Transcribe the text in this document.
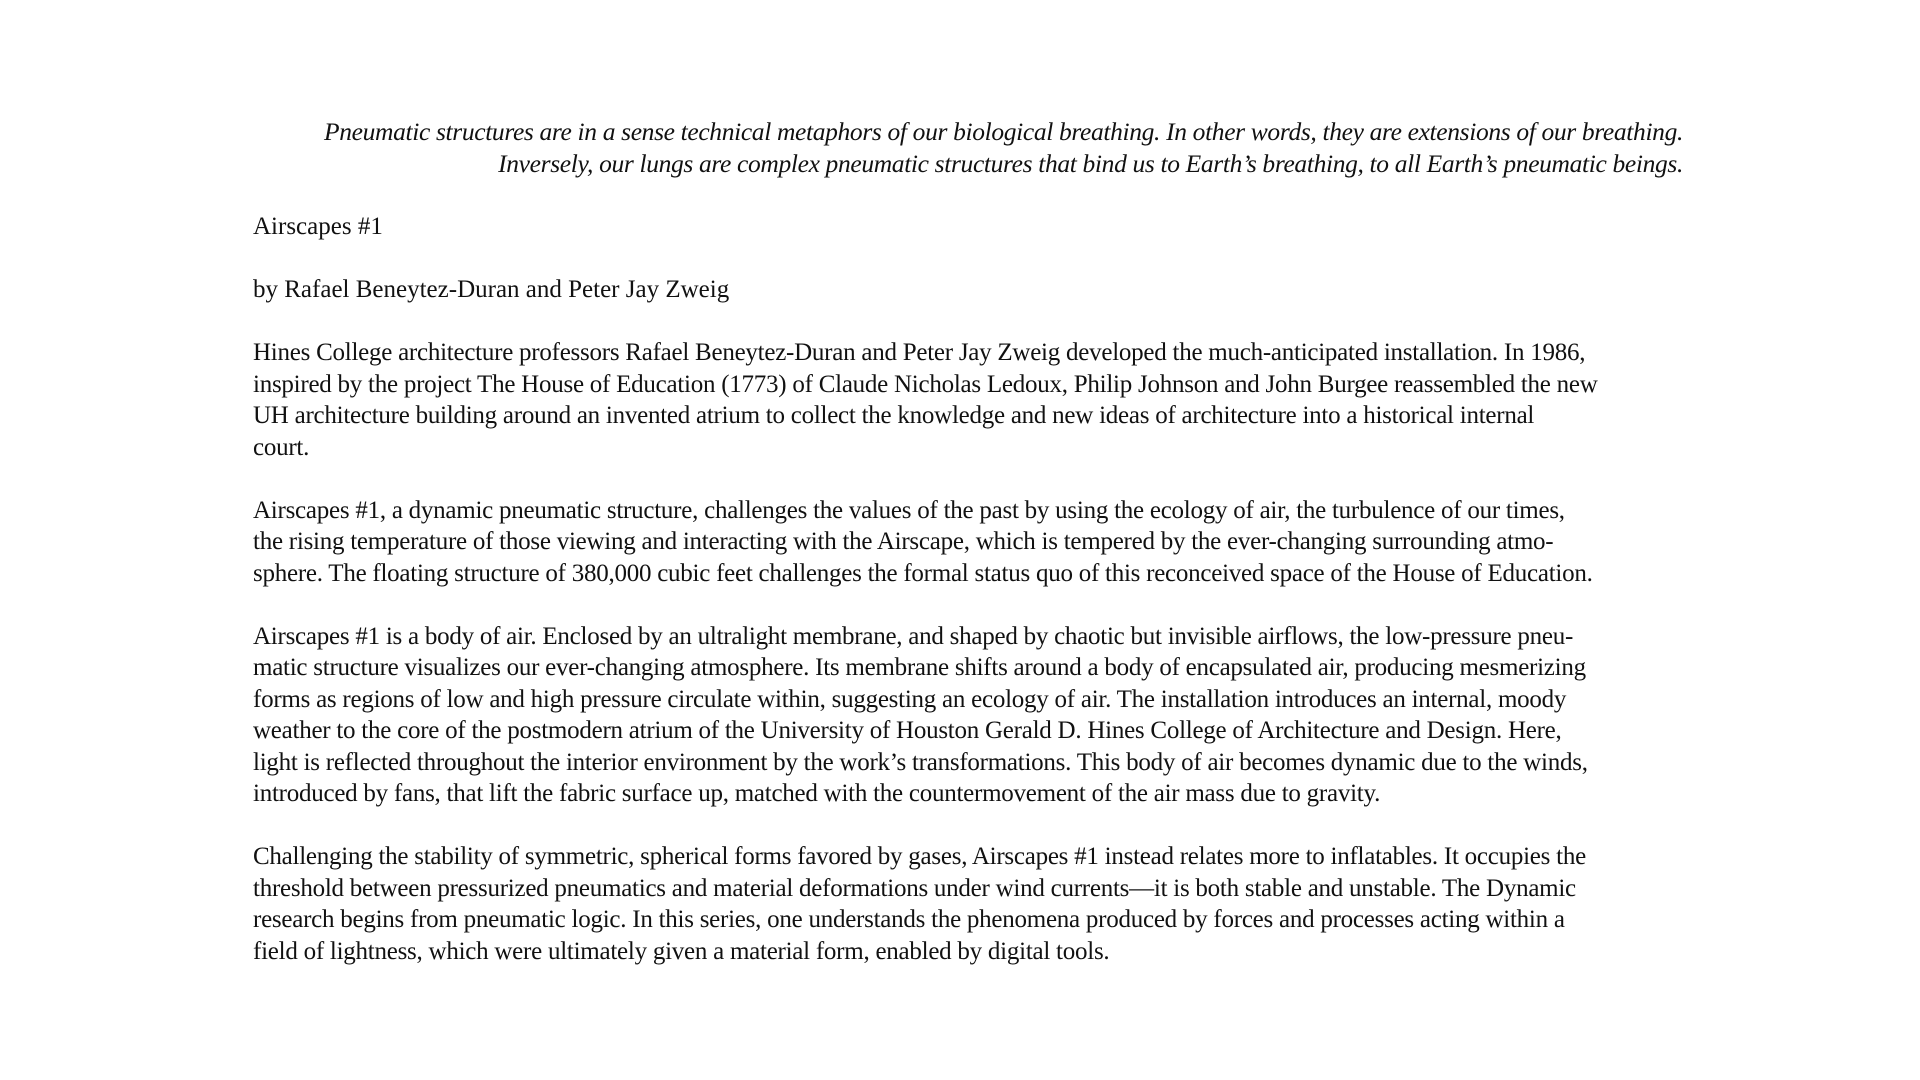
Pneumatic structures are in a sense technical metaphors of our biological breathing. In other words, they are extensions of our breathing.
Inversely, our lungs are complex pneumatic structures that bind us to Earth’s breathing, to all Earth’s pneumatic beings.
Airscapes #1
by Rafael Beneytez-Duran and Peter Jay Zweig
Hines College architecture professors Rafael Beneytez-Duran and Peter Jay Zweig developed the much-anticipated installation. In 1986,
inspired by the project The House of Education (1773) of Claude Nicholas Ledoux, Philip Johnson and John Burgee reassembled the new
UH architecture building around an invented atrium to collect the knowledge and new ideas of architecture into a historical internal
court.
Airscapes #1, a dynamic pneumatic structure, challenges the values of the past by using the ecology of air, the turbulence of our times,
the rising temperature of those viewing and interacting with the Airscape, which is tempered by the ever-changing surrounding atmo-
sphere. The floating structure of 380,000 cubic feet challenges the formal status quo of this reconceived space of the House of Education.
Airscapes #1 is a body of air. Enclosed by an ultralight membrane, and shaped by chaotic but invisible airflows, the low-pressure pneu-
matic structure visualizes our ever-changing atmosphere. Its membrane shifts around a body of encapsulated air, producing mesmerizing
forms as regions of low and high pressure circulate within, suggesting an ecology of air. The installation introduces an internal, moody
weather to the core of the postmodern atrium of the University of Houston Gerald D. Hines College of Architecture and Design. Here,
light is reflected throughout the interior environment by the work’s transformations. This body of air becomes dynamic due to the winds,
introduced by fans, that lift the fabric surface up, matched with the countermovement of the air mass due to gravity.
Challenging the stability of symmetric, spherical forms favored by gases, Airscapes #1 instead relates more to inflatables. It occupies the
threshold between pressurized pneumatics and material deformations under wind currents—it is both stable and unstable. The Dynamic
research begins from pneumatic logic. In this series, one understands the phenomena produced by forces and processes acting within a
field of lightness, which were ultimately given a material form, enabled by digital tools.
